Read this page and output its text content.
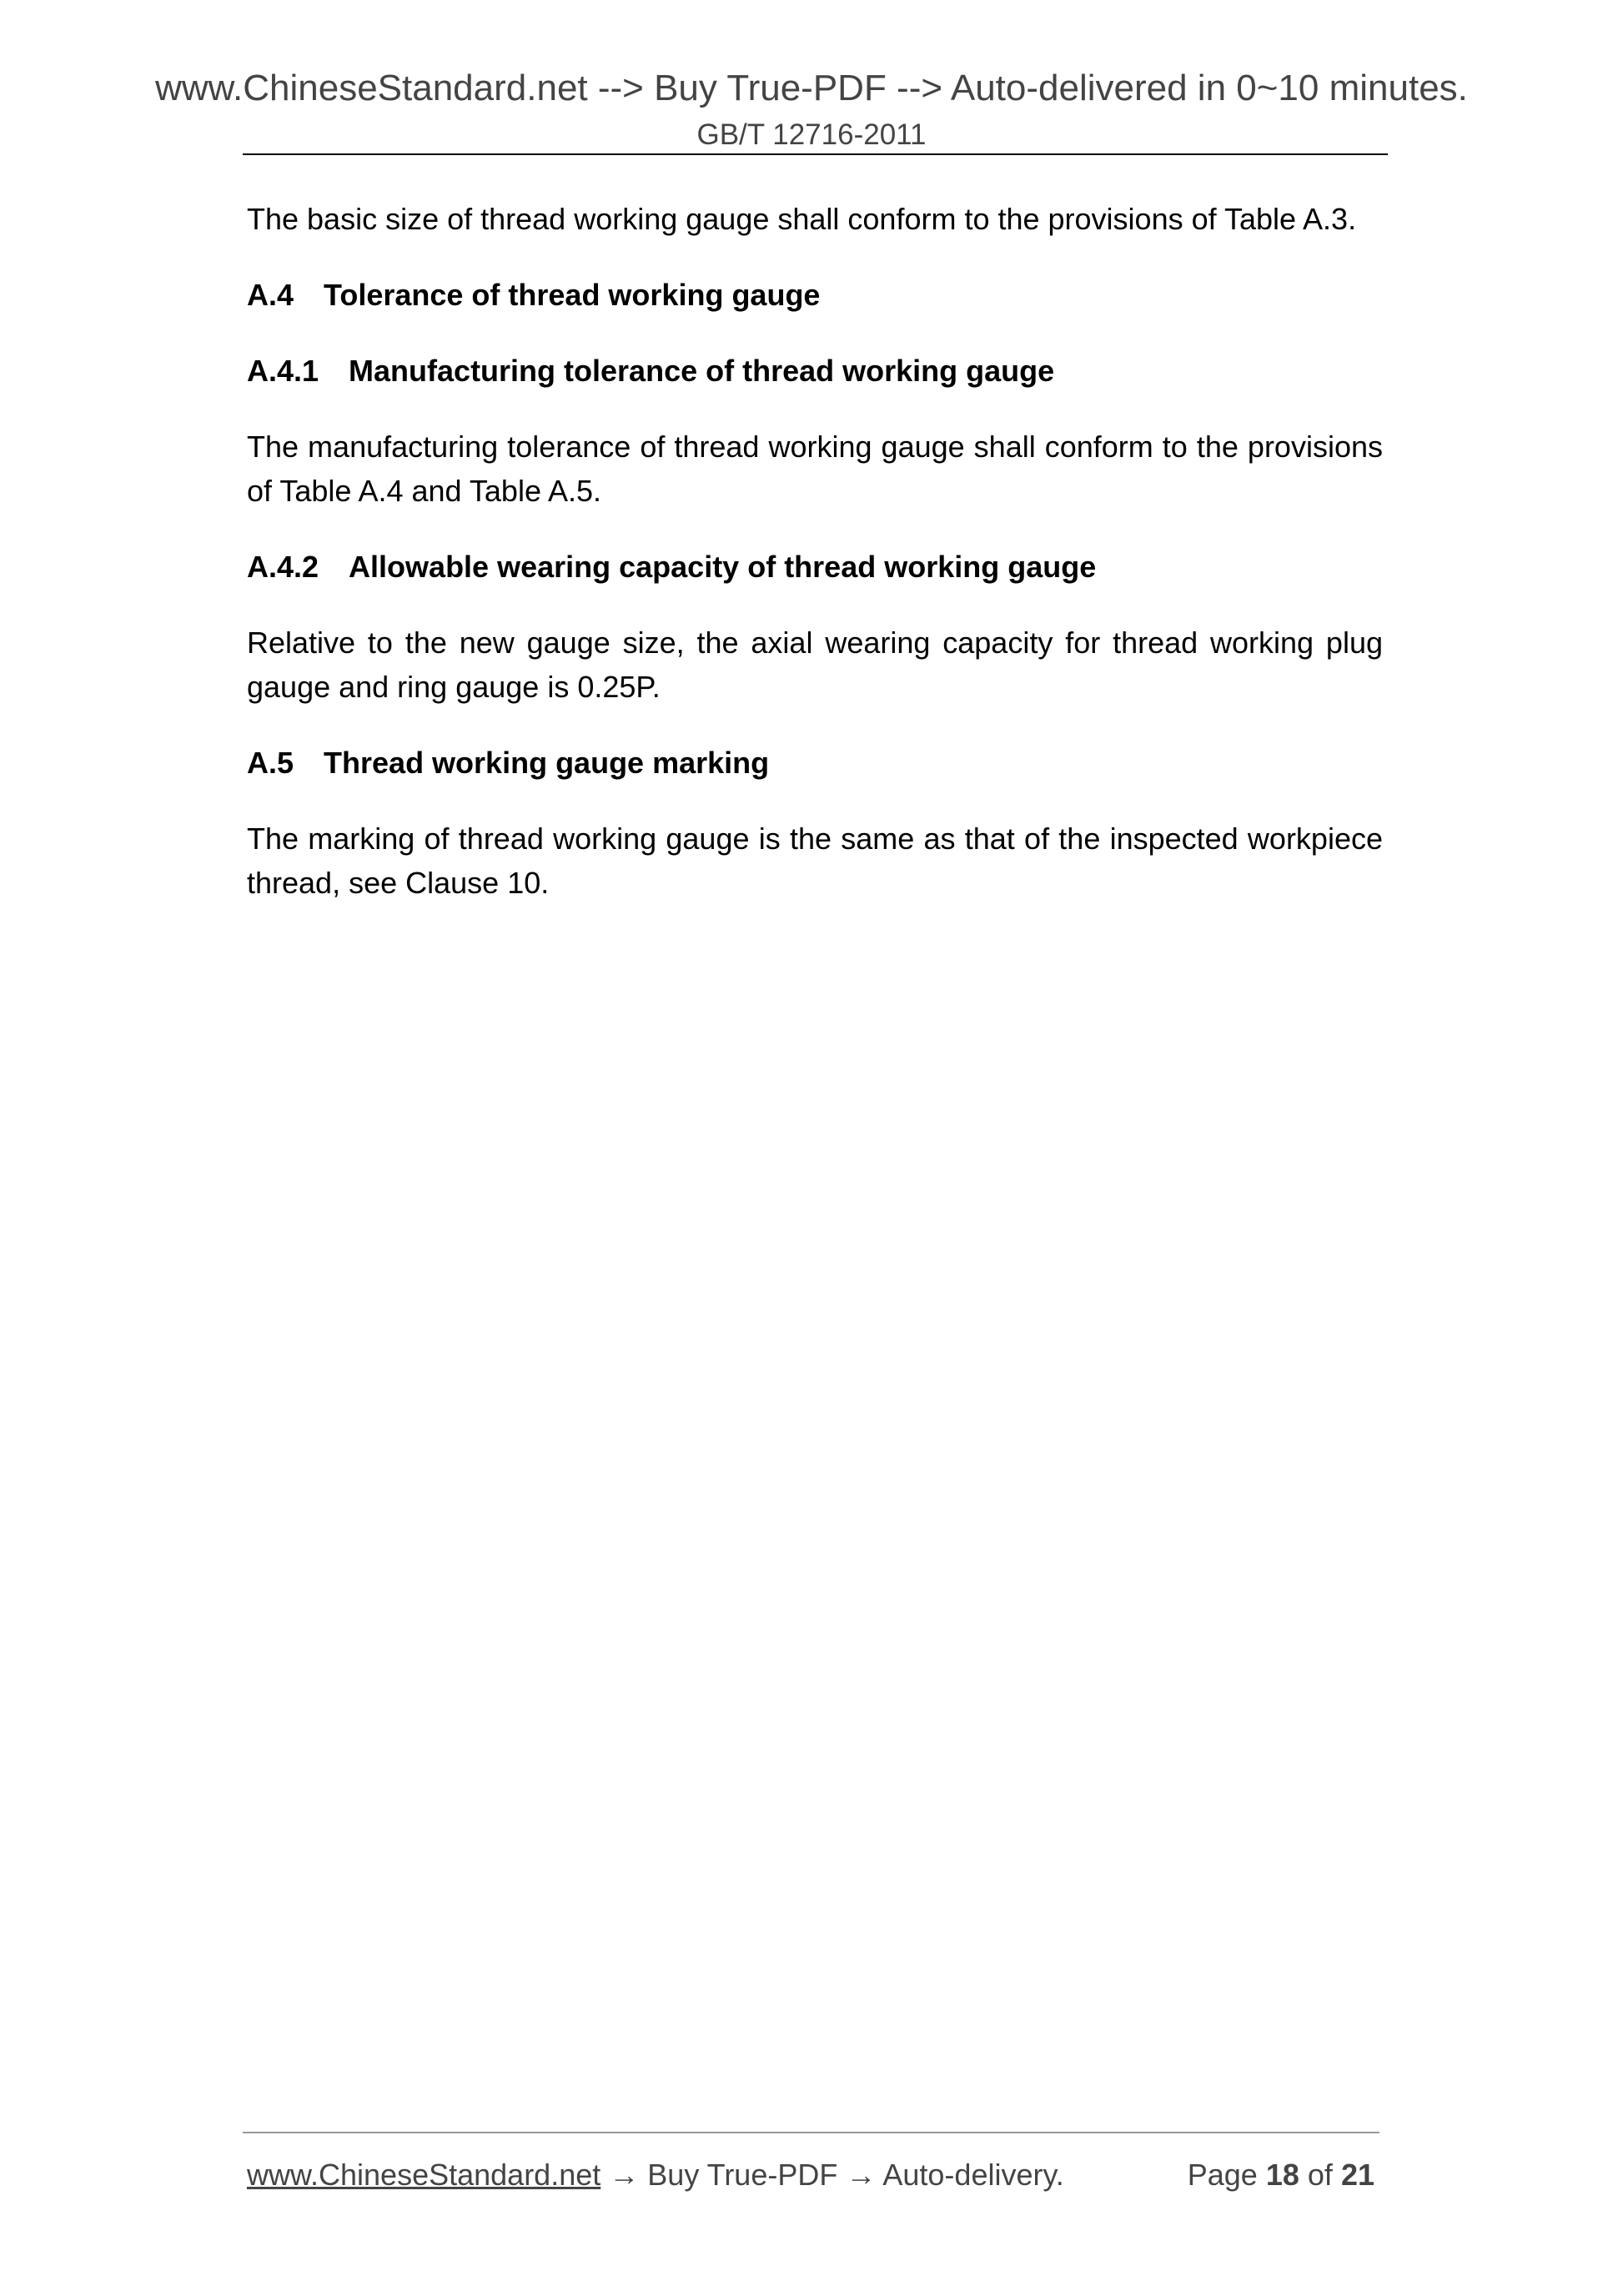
www.ChineseStandard.net --> Buy True-PDF --> Auto-delivered in 0~10 minutes.
GB/T 12716-2011

The basic size of thread working gauge shall conform to the provisions of Table A.3.

A.4 Tolerance of thread working gauge
A.4.1 Manufacturing tolerance of thread working gauge

The manufacturing tolerance of thread working gauge shall conform to the provisions of Table A.4 and Table A.5.

A.4.2 Allowable wearing capacity of thread working gauge

Relative to the new gauge size, the axial wearing capacity for thread working plug gauge and ring gauge is 0.25P.

A.5 Thread working gauge marking

The marking of thread working gauge is the same as that of the inspected workpiece thread, see Clause 10.

www.ChineseStandard.net → Buy True-PDF → Auto-delivery.	Page 18 of 21
